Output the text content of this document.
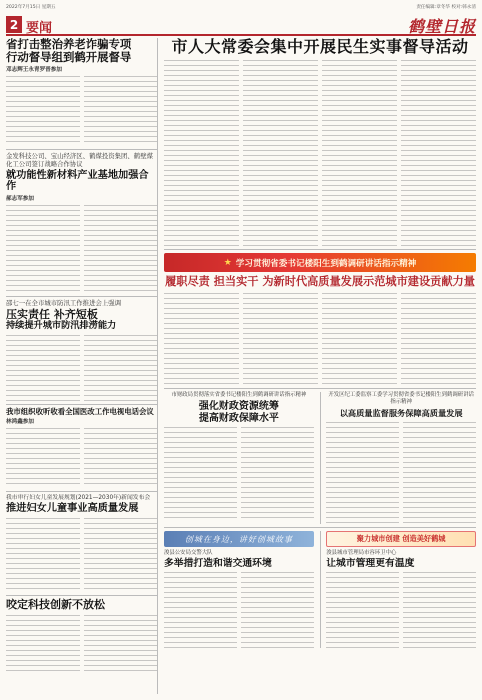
2022年7月15日 星期五	责任编辑:章冬华 校对:韩永清
2 要闻	鹤壁日报
省打击整治养老诈骗专项
行动督导组到鹤开展督导
邓志辉王永青罗晋参加
金发科技公司、宝山经济区、鹤煤投资集团、鹤壁煤化工公司签订战略合作协议
就功能性新材料产业基地加强合作
郝志军参加
邵七一在全市城市防汛工作推进会上强调
压实责任 补齐短板
持续提升城市防汛排涝能力
我市组织收听收看全国医改工作电视电话会议
林鸿鑫参加
我市审行妇女儿童发展规划(2021—2030年)新闻发布会
推进妇女儿童事业高质量发展
咬定科技创新不放松
市人大常委会集中开展民生实事督导活动
★ 学习贯彻省委书记楼阳生到鹤调研讲话指示精神
履职尽责 担当实干 为新时代高质量发展示范城市建设贡献力量
市财政局贯彻落实省委书记楼阳生到鹤调研讲话指示精神
强化财政资源统筹
提高财政保障水平
开发区纪工委监察工委学习贯彻省委书记楼阳生到鹤调研讲话指示精神
以高质量监督服务保障高质量发展
创城在身边，讲好创城故事
浚县公安局交警大队
多举措打造和谐交通环境
聚力城市创建 创造美好鹤城
浚县城市管理局市容环卫中心
让城市管理更有温度
